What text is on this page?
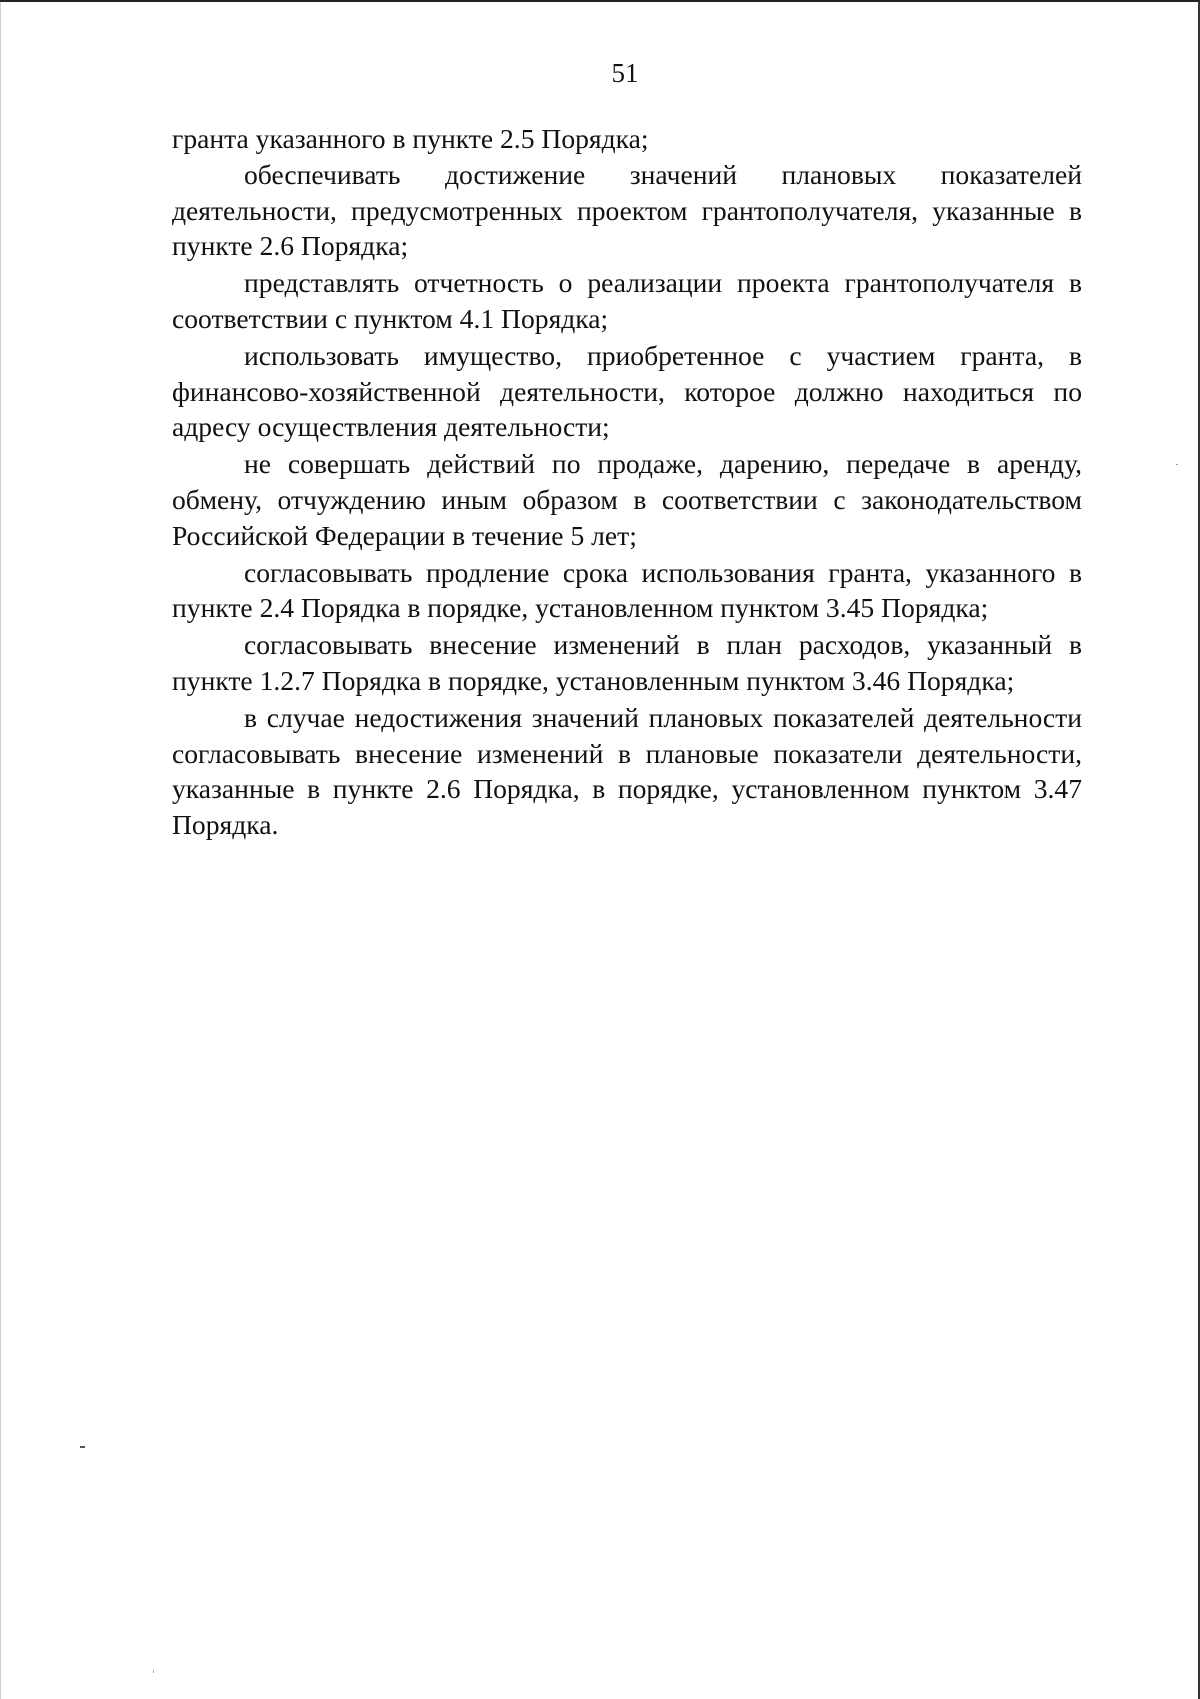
51

гранта указанного в пункте 2.5 Порядка;

обеспечивать достижение значений плановых показателей деятельности, предусмотренных проектом грантополучателя, указанные в пункте 2.6 Порядка;

представлять отчетность о реализации проекта грантополучателя в соответствии с пунктом 4.1 Порядка;

использовать имущество, приобретенное с участием гранта, в финансово-хозяйственной деятельности, которое должно находиться по адресу осуществления деятельности;

не совершать действий по продаже, дарению, передаче в аренду, обмену, отчуждению иным образом в соответствии с законодательством Российской Федерации в течение 5 лет;

согласовывать продление срока использования гранта, указанного в пункте 2.4 Порядка в порядке, установленном пунктом 3.45 Порядка;

согласовывать внесение изменений в план расходов, указанный в пункте 1.2.7 Порядка в порядке, установленным пунктом 3.46 Порядка;

в случае недостижения значений плановых показателей деятельности согласовывать внесение изменений в плановые показатели деятельности, указанные в пункте 2.6 Порядка, в порядке, установленном пунктом 3.47 Порядка.
